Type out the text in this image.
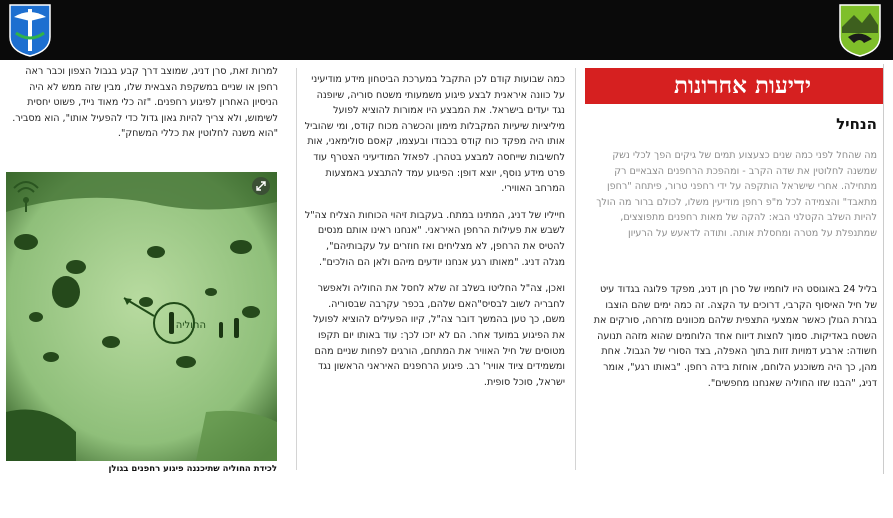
ידיעות אחרונות
הנחיל

מה שהחל לפני כמה שנים כצעצוע תמים של גיקים הפך לכלי נשק שמשנה לחלוטין את שדה הקרב - ומהפכת הרחפנים הצבאיים רק מתחילה. אחרי שישראל הותקפה על ידי רחפני טרור, פיתחה "רחפן מתאבד" והצמידה לכל מ"פ רחפן מודיעין משלו, לכולם ברור מה הולך להיות השלב הקטלני הבא: להקה של מאות רחפנים מתפוצצים, שמתנפלת על מטרה ומחסלת אותה. ותודה לדאעש על הרעיון

בליל 24 באוגוסט היו לוחמיו של סרן חן דניג, מפקד פלוגה בגדוד עיט של חיל האיסוף הקרבי, דרוכים עד הקצה. זה כמה ימים שהם הוצבו בגזרת הגולן כאשר אמצעי התצפית שלהם מכוונים מזרחה, סורקים את השטח באדיקות. סמוך לחצות דיווח אחד הלוחמים שהוא מזהה תנועה חשודה: ארבע דמויות זזות בתוך האפלה, בצד הסורי של הגבול. אחת מהן, כך היה משוכנע הלוחם, אוחזת בידה רחפן. "באותו רגע", אומר דניג, "הבנו שזו החוליה שאנחנו מחפשים".

כמה שבועות קודם לכן התקבל במערכת הביטחון מידע מודיעיני על כוונה איראנית לבצע פיגוע משמעותי משטח סוריה, שיופנה נגד יעדים בישראל. את המבצע היו אמורות להוציא לפועל מיליציות שיעיות המקבלות מימון והכשרה מכוח קודס, ומי שהוביל אותו היה מפקד כוח קודס בכבודו ובעצמו, קאסם סולימאני, אות לחשיבות שייחסה למבצע בטהרן. לפאזל המודיעיני הצטרף עוד פרט מידע נוסף, יוצא דופן: הפיגוע עמד להתבצע באמצעות המרחב האווירי.

חייליו של דניג, המתינו במתח. בעקבות זיהוי הכוחות הצליח צה"ל לשבש את פעילות הרחפן האיראני. "אנחנו ראינו אותם מנסים להטיס את הרחפן, לא מצליחים ואז חוזרים על עקבותיהם", מגלה דניג. "מאותו רגע אנחנו יודעים מיהם ולאן הם הולכים".

ואכן, צה"ל החליטו בשלב זה שלא לחסל את החוליה ולאפשר לחבריה לשוב לבסיס"האם שלהם, בכפר עקרבה שבסוריה. משם, כך טען בהמשך דובר צה"ל, קיוו הפעילים להוציא לפועל את הפיגוע במועד אחר. הם לא יזכו לכך: עוד באותו יום תקפו מטוסים של חיל האוויר את המתחם, הורגים לפחות שניים מהם ומשמידים ציוד אוויר' רב. פיגוע הרחפנים האיראני הראשון נגד ישראל, סוכל סופית.

למרות זאת, סרן דניג, שמוצב דרך קבע בגבול הצפון וכבר ראה רחפן או שניים במשקפת הצבאית שלו, מבין שזה ממש לא היה הניסיון האחרון לפיגוע רחפנים. "זה כלי מאוד נייד, פשוט יחסית לשימוש, ולא צריך להיות גאון גדול כדי להפעיל אותו", הוא מסביר. "הוא משנה לחלוטין את כללי המשחק".

החוליה
לכידת החוליה שתיכננה פיגוע רחפנים בגולן
